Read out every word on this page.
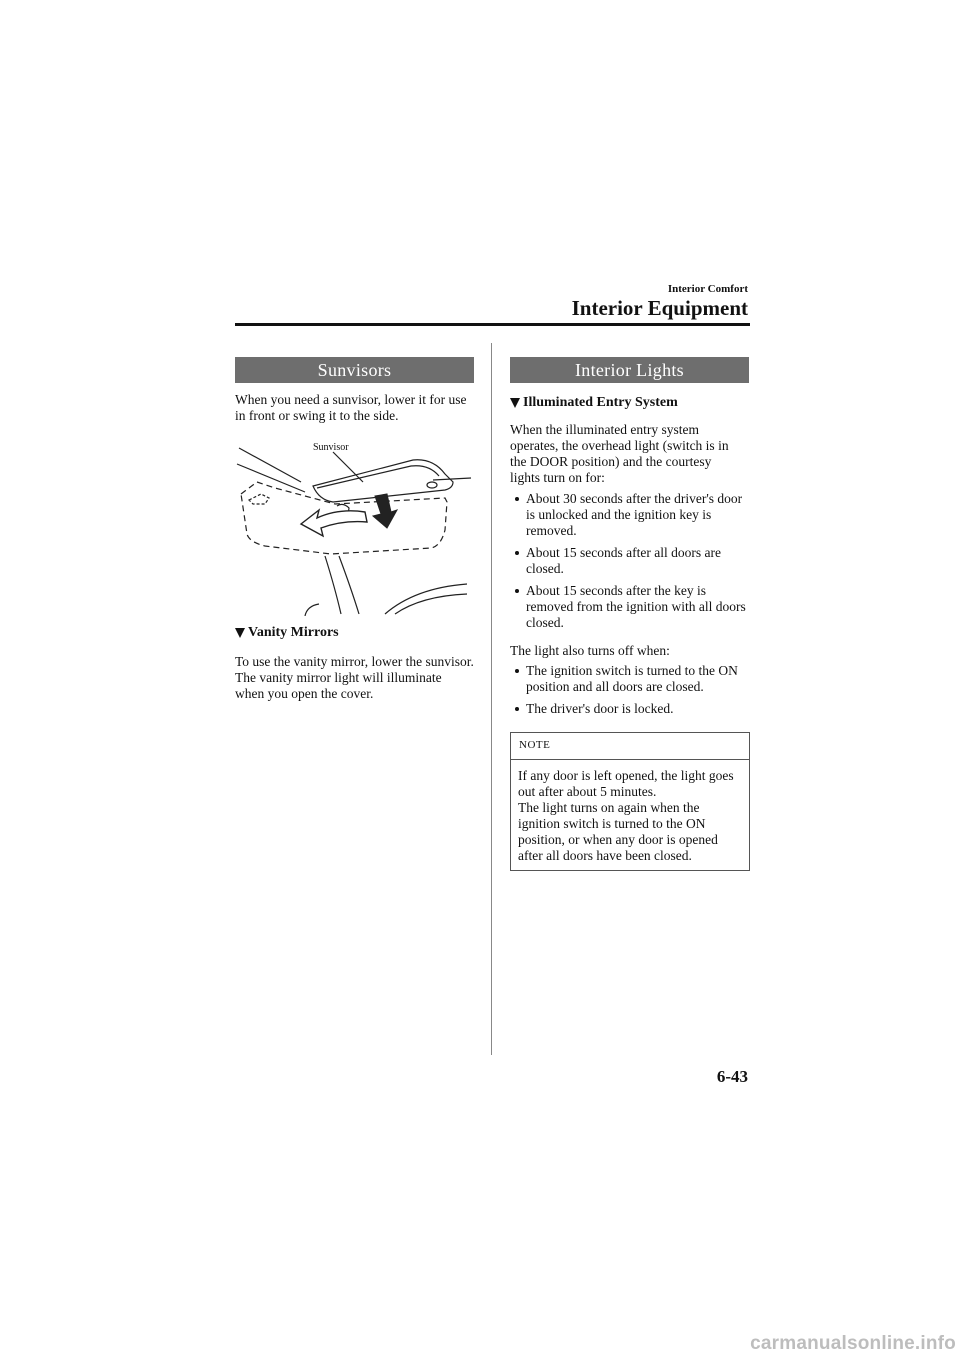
Interior Comfort
Interior Equipment
Sunvisors
When you need a sunvisor, lower it for use in front or swing it to the side.
Sunvisor
Vanity Mirrors
To use the vanity mirror, lower the sunvisor.
The vanity mirror light will illuminate when you open the cover.
Interior Lights
Illuminated Entry System
When the illuminated entry system operates, the overhead light (switch is in the DOOR position) and the courtesy lights turn on for:
About 30 seconds after the driver's door is unlocked and the ignition key is removed.
About 15 seconds after all doors are closed.
About 15 seconds after the key is removed from the ignition with all doors closed.
The light also turns off when:
The ignition switch is turned to the ON position and all doors are closed.
The driver's door is locked.
NOTE
If any door is left opened, the light goes out after about 5 minutes.
The light turns on again when the ignition switch is turned to the ON position, or when any door is opened after all doors have been closed.
6-43
carmanualsonline.info
